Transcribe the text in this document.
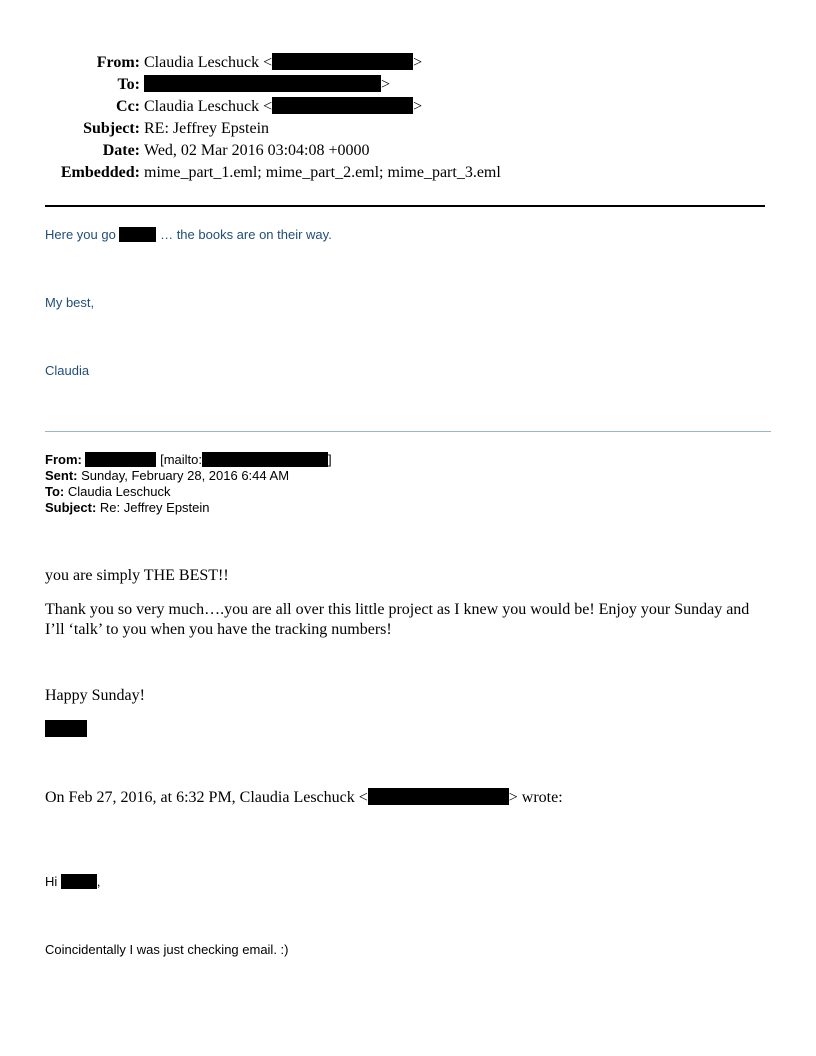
From: Claudia Leschuck <	>
To:	>
Cc: Claudia Leschuck <	>
Subject: RE: Jeffrey Epstein
Date: Wed, 02 Mar 2016 03:04:08 +0000
Embedded: mime_part_1.eml; mime_part_2.eml; mime_part_3.eml
Here you go	… the books are on their way.
My best,
Claudia
From:	[mailto:	]
Sent: Sunday, February 28, 2016 6:44 AM
To: Claudia Leschuck
Subject: Re: Jeffrey Epstein
you are simply THE BEST!!
Thank you so very much….you are all over this little project as I knew you would be! Enjoy your Sunday and I’ll ‘talk’ to you when you have the tracking numbers!
Happy Sunday!
On Feb 27, 2016, at 6:32 PM, Claudia Leschuck <	> wrote:
Hi	,
Coincidentally I was just checking email. :)
